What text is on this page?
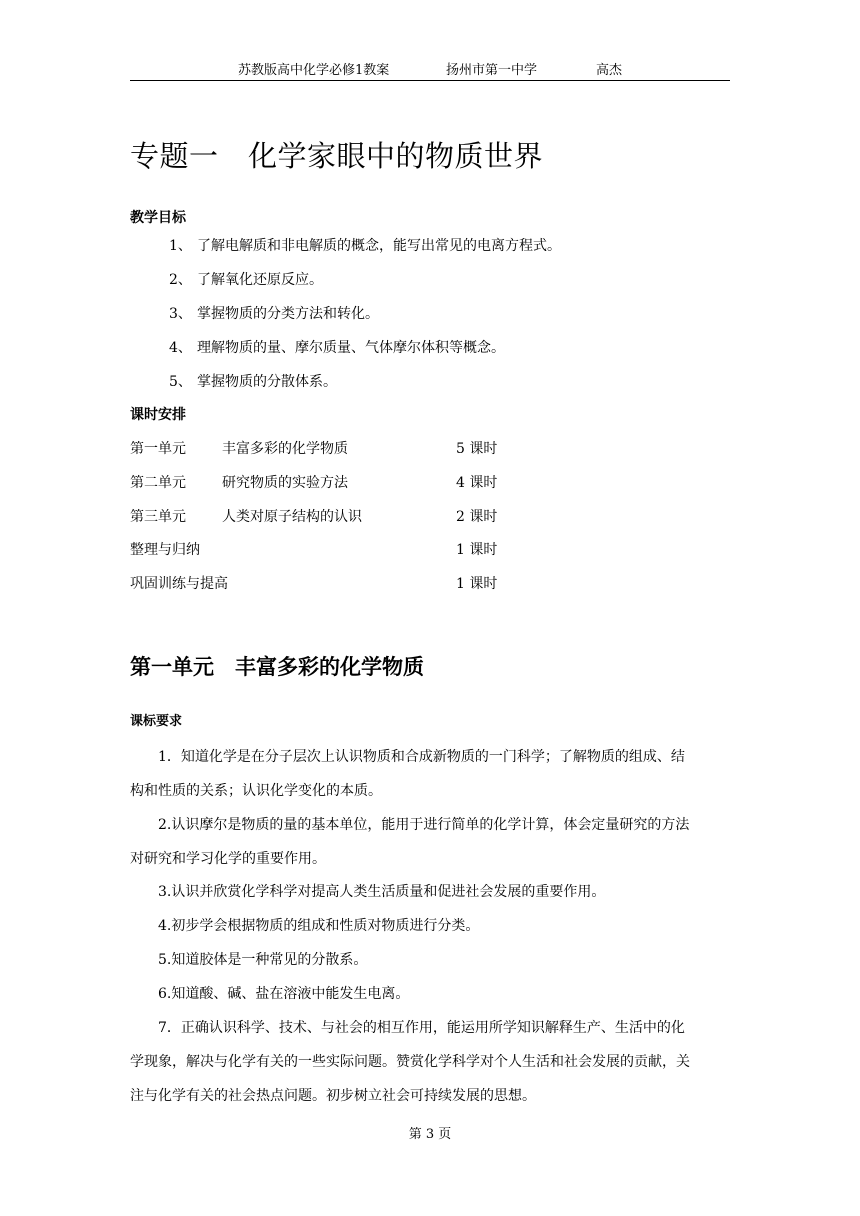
苏教版高中化学必修1教案	扬州市第一中学	高杰
专题一　化学家眼中的物质世界
教学目标
1、 了解电解质和非电解质的概念，能写出常见的电离方程式。
2、 了解氧化还原反应。
3、 掌握物质的分类方法和转化。
4、 理解物质的量、摩尔质量、气体摩尔体积等概念。
5、 掌握物质的分散体系。
课时安排
第一单元	丰富多彩的化学物质	5 课时
第二单元	研究物质的实验方法	4 课时
第三单元	人类对原子结构的认识	2 课时
整理与归纳	1 课时
巩固训练与提高	1 课时
第一单元　丰富多彩的化学物质
课标要求
1．知道化学是在分子层次上认识物质和合成新物质的一门科学；了解物质的组成、结
构和性质的关系；认识化学变化的本质。
2.认识摩尔是物质的量的基本单位，能用于进行简单的化学计算，体会定量研究的方法
对研究和学习化学的重要作用。
3.认识并欣赏化学科学对提高人类生活质量和促进社会发展的重要作用。
4.初步学会根据物质的组成和性质对物质进行分类。
5.知道胶体是一种常见的分散系。
6.知道酸、碱、盐在溶液中能发生电离。
7．正确认识科学、技术、与社会的相互作用，能运用所学知识解释生产、生活中的化
学现象，解决与化学有关的一些实际问题。赞赏化学科学对个人生活和社会发展的贡献，关
注与化学有关的社会热点问题。初步树立社会可持续发展的思想。
第 3 页
